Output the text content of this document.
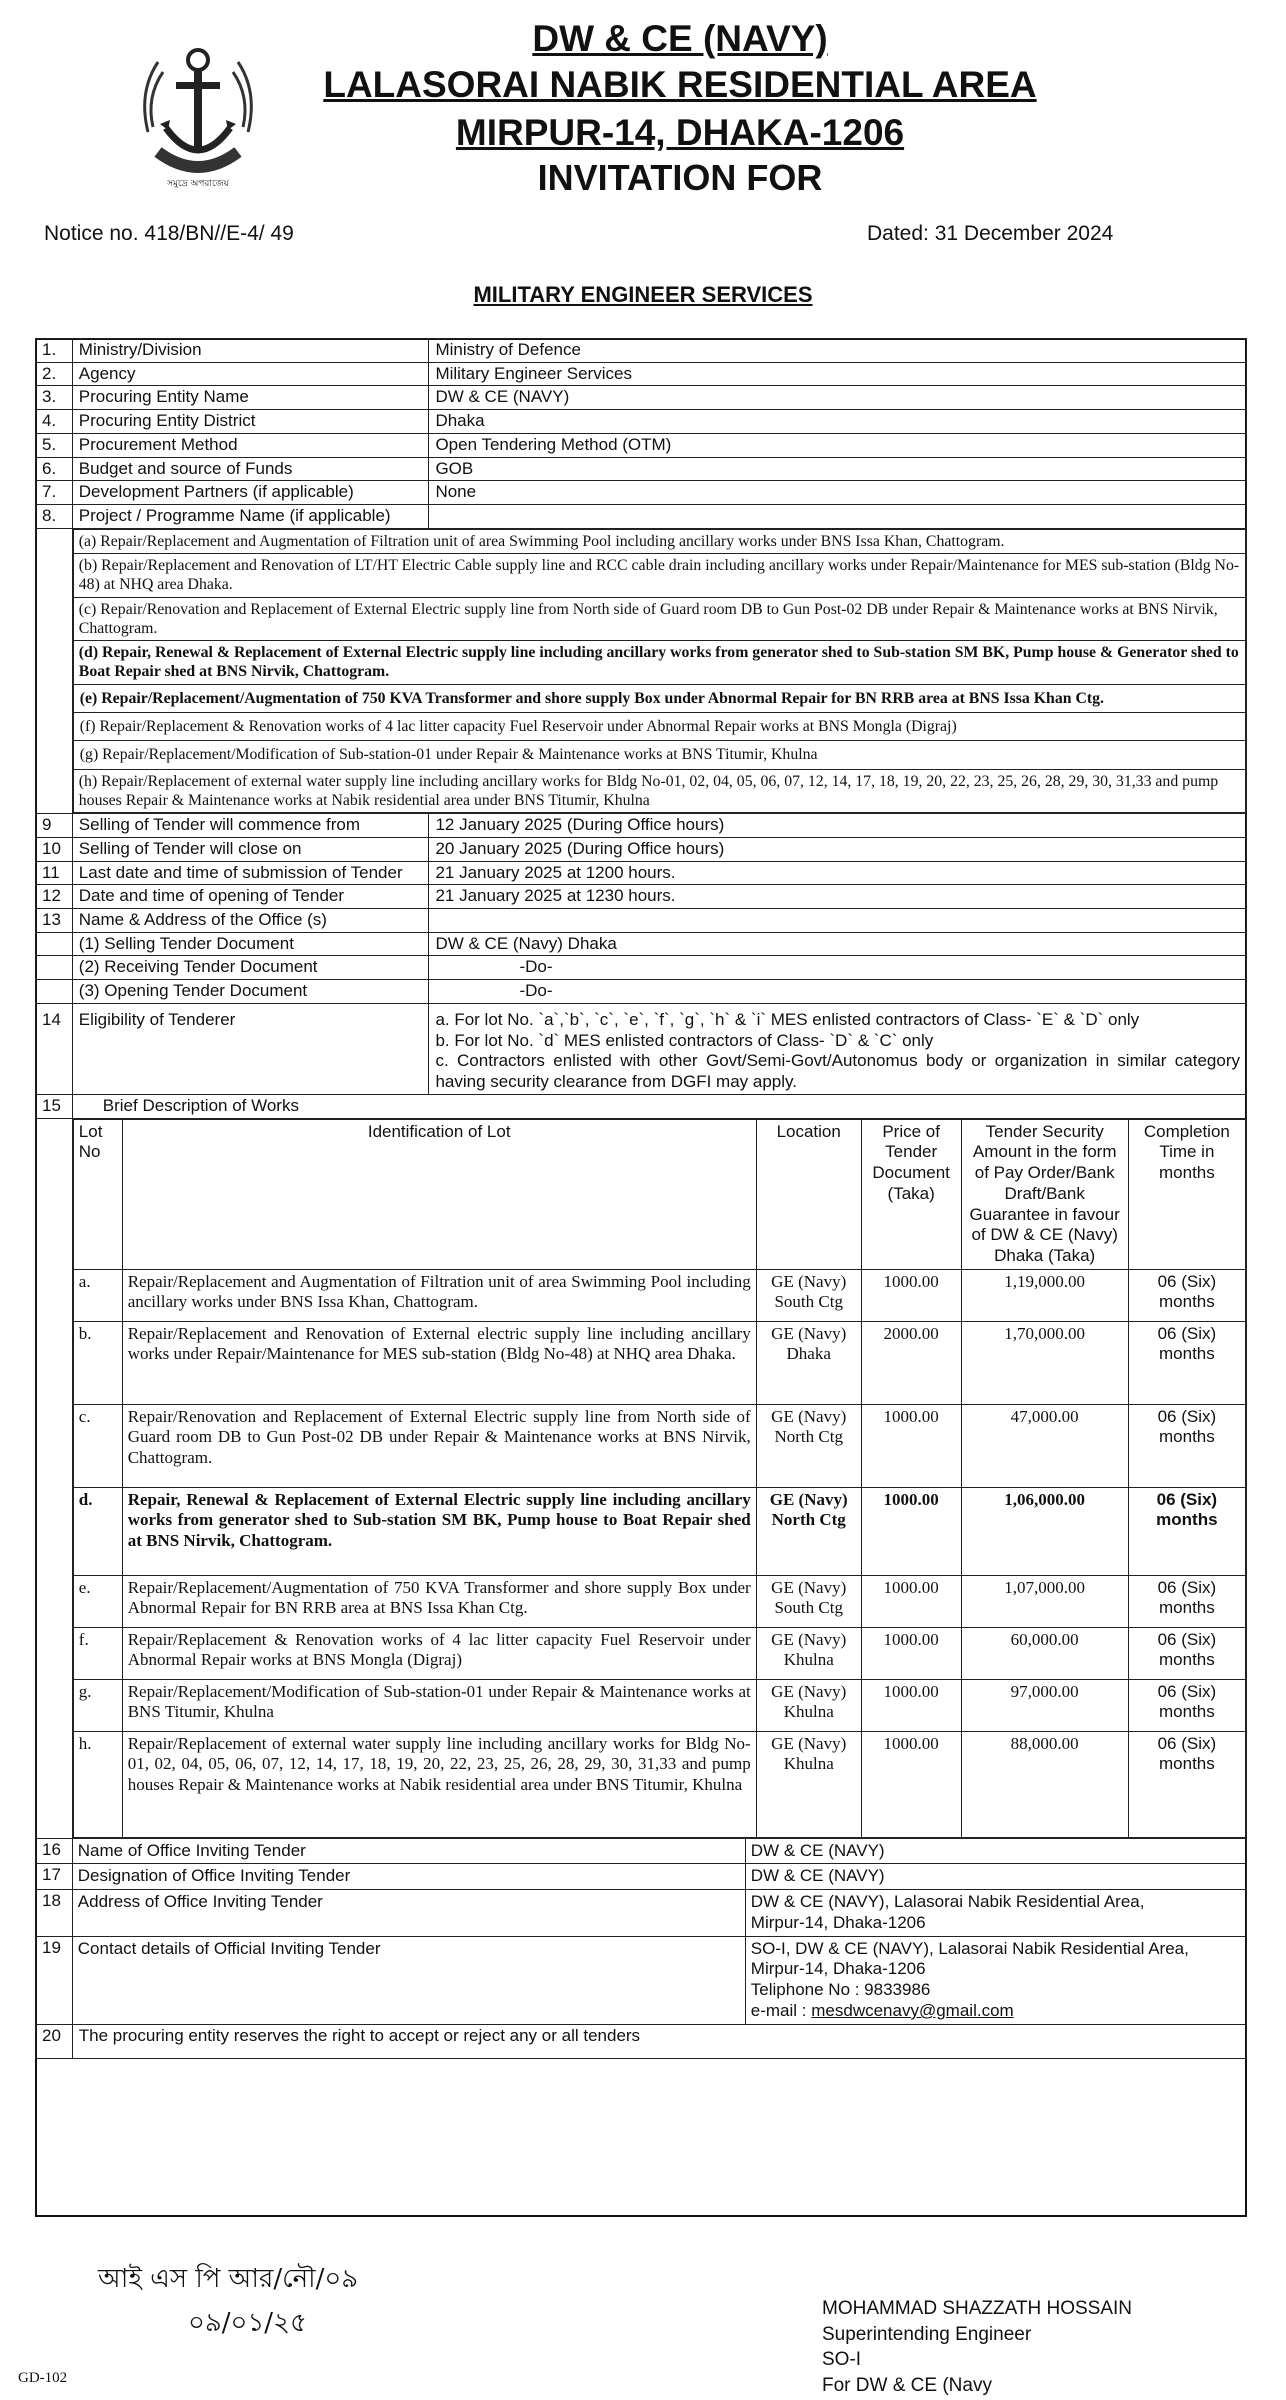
সমুদ্রে অপরাজেয়
DW & CE (NAVY)
LALASORAI NABIK RESIDENTIAL AREA
MIRPUR-14, DHAKA-1206
INVITATION FOR
Notice no. 418/BN//E-4/ 49	Dated: 31 December 2024
MILITARY ENGINEER SERVICES
1.	Ministry/Division	Ministry of Defence
2.	Agency	Military Engineer Services
3.	Procuring Entity Name	DW & CE (NAVY)
4.	Procuring Entity District	Dhaka
5.	Procurement Method	Open Tendering Method (OTM)
6.	Budget and source of Funds	GOB
7.	Development Partners (if applicable)	None
8.	Project / Programme Name (if applicable)	

(a) Repair/Replacement and Augmentation of Filtration unit of area Swimming Pool including ancillary works under BNS Issa Khan, Chattogram.
(b) Repair/Replacement and Renovation of LT/HT Electric Cable supply line and RCC cable drain including ancillary works under Repair/Maintenance for MES sub-station (Bldg No-48) at NHQ area Dhaka.
(c) Repair/Renovation and Replacement of External Electric supply line from North side of Guard room DB to Gun Post-02 DB under Repair & Maintenance works at BNS Nirvik, Chattogram.
(d) Repair, Renewal & Replacement of External Electric supply line including ancillary works from generator shed to Sub-station SM BK, Pump house & Generator shed to Boat Repair shed at BNS Nirvik, Chattogram.
(e) Repair/Replacement/Augmentation of 750 KVA Transformer and shore supply Box under Abnormal Repair for BN RRB area at BNS Issa Khan Ctg.
(f) Repair/Replacement & Renovation works of 4 lac litter capacity Fuel Reservoir under Abnormal Repair works at BNS Mongla (Digraj)
(g) Repair/Replacement/Modification of Sub-station-01 under Repair & Maintenance works at BNS Titumir, Khulna
(h) Repair/Replacement of external water supply line including ancillary works for Bldg No-01, 02, 04, 05, 06, 07, 12, 14, 17, 18, 19, 20, 22, 23, 25, 26, 28, 29, 30, 31,33 and pump houses Repair & Maintenance works at Nabik residential area under BNS Titumir, Khulna

9	Selling of Tender will commence from	12 January 2025 (During Office hours)
10	Selling of Tender will close on	20 January 2025 (During Office hours)
11	Last date and time of submission of Tender	21 January 2025 at 1200 hours.
12	Date and time of opening of Tender	21 January 2025 at 1230 hours.
13	Name & Address of the Office (s)	
	(1) Selling Tender Document	DW & CE (Navy) Dhaka
	(2) Receiving Tender Document	-Do-
	(3) Opening Tender Document	-Do-
14	Eligibility of Tenderer	a. For lot No. `a`,`b`, `c`, `e`, `f`, `g`, `h` & `i` MES enlisted contractors of Class- `E` & `D` only
b. For lot No. `d` MES enlisted contractors of Class- `D` & `C` only
c. Contractors enlisted with other Govt/Semi-Govt/Autonomus body or organization in similar category having security clearance from DGFI may apply.

15	Brief Description of Works

Lot No	Identification of Lot	Location	Price of Tender Document (Taka)	Tender Security Amount in the form of Pay Order/Bank Draft/Bank Guarantee in favour of DW & CE (Navy) Dhaka (Taka)	Completion Time in months
a.	Repair/Replacement and Augmentation of Filtration unit of area Swimming Pool including ancillary works under BNS Issa Khan, Chattogram.	GE (Navy) South Ctg	1000.00	1,19,000.00	06 (Six) months
b.	Repair/Replacement and Renovation of External electric supply line including ancillary works under Repair/Maintenance for MES sub-station (Bldg No-48) at NHQ area Dhaka.	GE (Navy) Dhaka	2000.00	1,70,000.00	06 (Six) months
c.	Repair/Renovation and Replacement of External Electric supply line from North side of Guard room DB to Gun Post-02 DB under Repair & Maintenance works at BNS Nirvik, Chattogram.	GE (Navy) North Ctg	1000.00	47,000.00	06 (Six) months
d.	Repair, Renewal & Replacement of External Electric supply line including ancillary works from generator shed to Sub-station SM BK, Pump house to Boat Repair shed at BNS Nirvik, Chattogram.	GE (Navy) North Ctg	1000.00	1,06,000.00	06 (Six) months
e.	Repair/Replacement/Augmentation of 750 KVA Transformer and shore supply Box under Abnormal Repair for BN RRB area at BNS Issa Khan Ctg.	GE (Navy) South Ctg	1000.00	1,07,000.00	06 (Six) months
f.	Repair/Replacement & Renovation works of 4 lac litter capacity Fuel Reservoir under Abnormal Repair works at BNS Mongla (Digraj)	GE (Navy) Khulna	1000.00	60,000.00	06 (Six) months
g.	Repair/Replacement/Modification of Sub-station-01 under Repair & Maintenance works at BNS Titumir, Khulna	GE (Navy) Khulna	1000.00	97,000.00	06 (Six) months
h.	Repair/Replacement of external water supply line including ancillary works for Bldg No-01, 02, 04, 05, 06, 07, 12, 14, 17, 18, 19, 20, 22, 23, 25, 26, 28, 29, 30, 31,33 and pump houses Repair & Maintenance works at Nabik residential area under BNS Titumir, Khulna	GE (Navy) Khulna	1000.00	88,000.00	06 (Six) months

16	Name of Office Inviting Tender	DW & CE (NAVY)

17	Designation of Office Inviting Tender	DW & CE (NAVY)

18	Address of Office Inviting Tender	DW & CE (NAVY), Lalasorai Nabik Residential Area,
Mirpur-14, Dhaka-1206

19	Contact details of Official Inviting Tender	SO-I, DW & CE (NAVY), Lalasorai Nabik Residential Area,
Mirpur-14, Dhaka-1206
Teliphone No : 9833986
e-mail : mesdwcenavy@gmail.com

20	The procuring entity reserves the right to accept or reject any or all tenders
আই এস পি আর/নৌ/০৯
০৯/০১/২৫	MOHAMMAD SHAZZATH HOSSAIN
Superintending Engineer
SO-I
For DW & CE (Navy
GD-102
